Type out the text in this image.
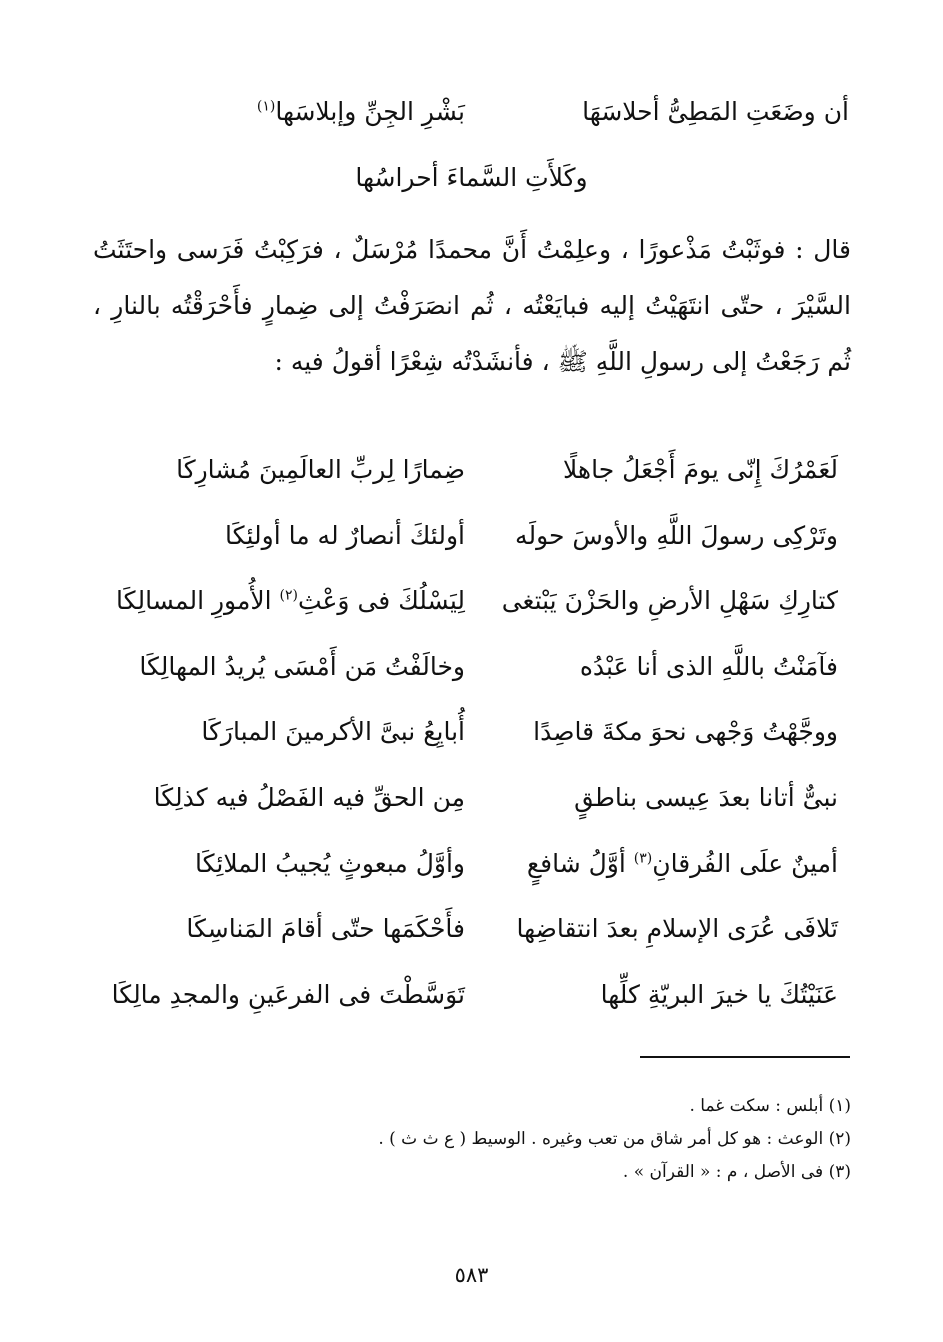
أن وضَعَتِ المَطِىُّ أحلاسَهَا
بَشْرِ الجِنِّ وإبلاسَها$^{(١)}$
وكَلأَتِ السَّماءَ أحراسُها
قال : فوثَبْتُ مَذْعورًا ، وعلِمْتُ أَنَّ محمدًا مُرْسَلٌ ، فرَكِبْتُ فَرَسى واحتَثَتُ السَّيْرَ ، حتّى انتَهَيْتُ إليه فبايَعْتُه ، ثُم انصَرَفْتُ إلى ضِمارٍ فأَحْرَقْتُه بالنارِ ، ثُم رَجَعْتُ إلى رسولِ اللَّهِ ﷺ ، فأنشَدْتُه شِعْرًا أقولُ فيه :
لَعَمْرُكَ إِنّى يومَ أَجْعَلُ جاهلًا
ضِمارًا لِربِّ العالَمِينَ مُشارِكَا
وتَرْكِى رسولَ اللَّهِ والأوسَ حولَه
أولئكَ أنصارٌ له ما أولئِكَا
كتارِكِ سَهْلِ الأرضِ والحَزْنَ يَبْتغى
لِيَسْلُكَ فى وَعْثِ$^{(٢)}$ الأُمورِ المسالِكَا
فآمَنْتُ باللَّهِ الذى أنا عَبْدُه
وخالَفْتُ مَن أَمْسَى يُريدُ المهالِكَا
ووجَّهْتُ وَجْهى نحوَ مكةَ قاصِدًا
أُبايِعُ نبىَّ الأكرمينَ المبارَكَا
نبىٌّ أتانا بعدَ عِيسى بناطقٍ
مِن الحقِّ فيه الفَصْلُ فيه كذلِكَا
أمينٌ علَى الفُرقانِ$^{(٣)}$ أوَّلُ شافعٍ
وأوَّلُ مبعوثٍ يُجيبُ الملائِكَا
تَلافَى عُرَى الإسلامِ بعدَ انتقاضِها
فأَحْكَمَها حتّى أقامَ المَناسِكَا
عَنَيْتُكَ يا خيرَ البريّةِ كلِّها
تَوَسَّطْتَ فى الفرعَينِ والمجدِ مالِكَا
(١) أبلس : سكت غما .
(٢) الوعث : هو كل أمر شاق من تعب وغيره . الوسيط ( ع ث ث ) .
(٣) فى الأصل ، م : « القرآن » .
٥٨٣
